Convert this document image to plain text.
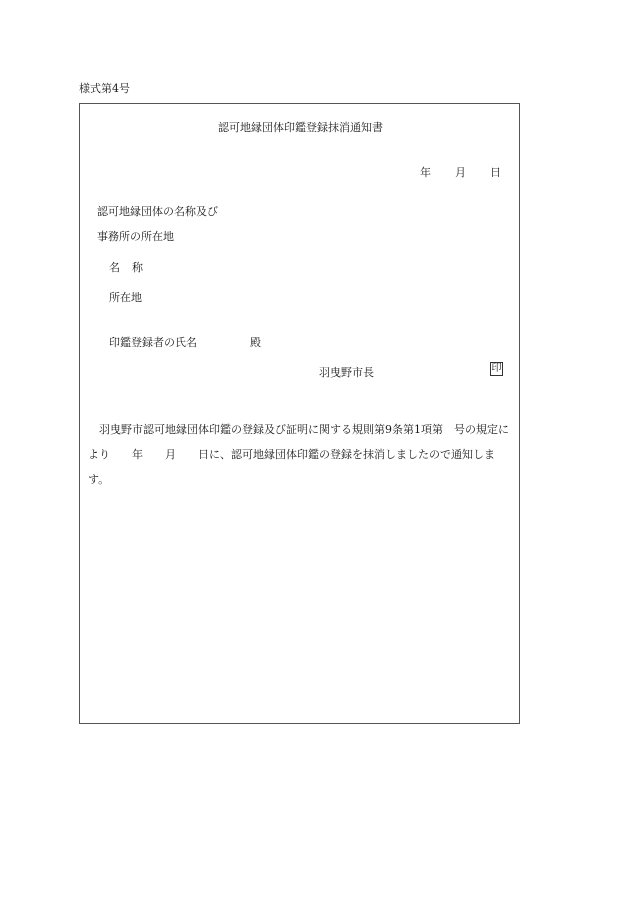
様式第4号
認可地縁団体印鑑登録抹消通知書
年 月 日
認可地縁団体の名称及び
事務所の所在地
名称
所在地
印鑑登録者の氏名	殿
羽曳野市長	印
羽曳野市認可地縁団体印鑑の登録及び証明に関する規則第9条第1項第　号の規定により　　年　　月　　日に、認可地縁団体印鑑の登録を抹消しましたので通知します。
